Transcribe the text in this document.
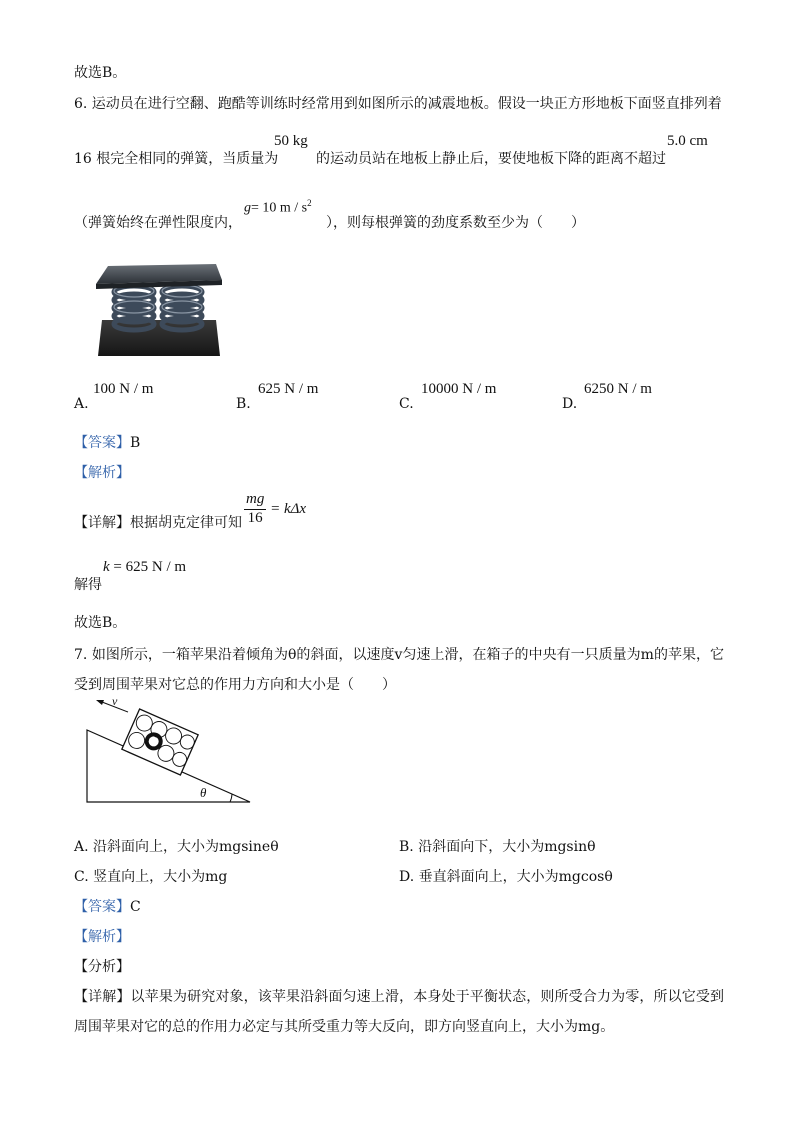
故选B。
6. 运动员在进行空翻、跑酷等训练时经常用到如图所示的减震地板。假设一块正方形地板下面竖直排列着
16 根完全相同的弹簧，当质量为
50 kg
的运动员站在地板上静止后，要使地板下降的距离不超过
5.0 cm
（弹簧始终在弹性限度内，
g= 10 m / $s^2$
），则每根弹簧的劲度系数至少为（　　）
A.
100 N / m
B.
625 N / m
C.
10000 N / m
D.
6250 N / m
【答案】B
【解析】
【详解】根据胡克定律可知 $\frac{mg}{16} = k\Delta x$
解得
k = 625 N / m
故选B。
7. 如图所示，一箱苹果沿着倾角为θ的斜面，以速度v匀速上滑，在箱子的中央有一只质量为m的苹果，它受到周围苹果对它总的作用力方向和大小是（　　）
v
θ
A. 沿斜面向上，大小为mgsineθ	B. 沿斜面向下，大小为mgsinθ
C. 竖直向上，大小为mg	D. 垂直斜面向上，大小为mgcosθ
【答案】C
【解析】
【分析】
【详解】以苹果为研究对象，该苹果沿斜面匀速上滑，本身处于平衡状态，则所受合力为零，所以它受到周围苹果对它的总的作用力必定与其所受重力等大反向，即方向竖直向上，大小为mg。
